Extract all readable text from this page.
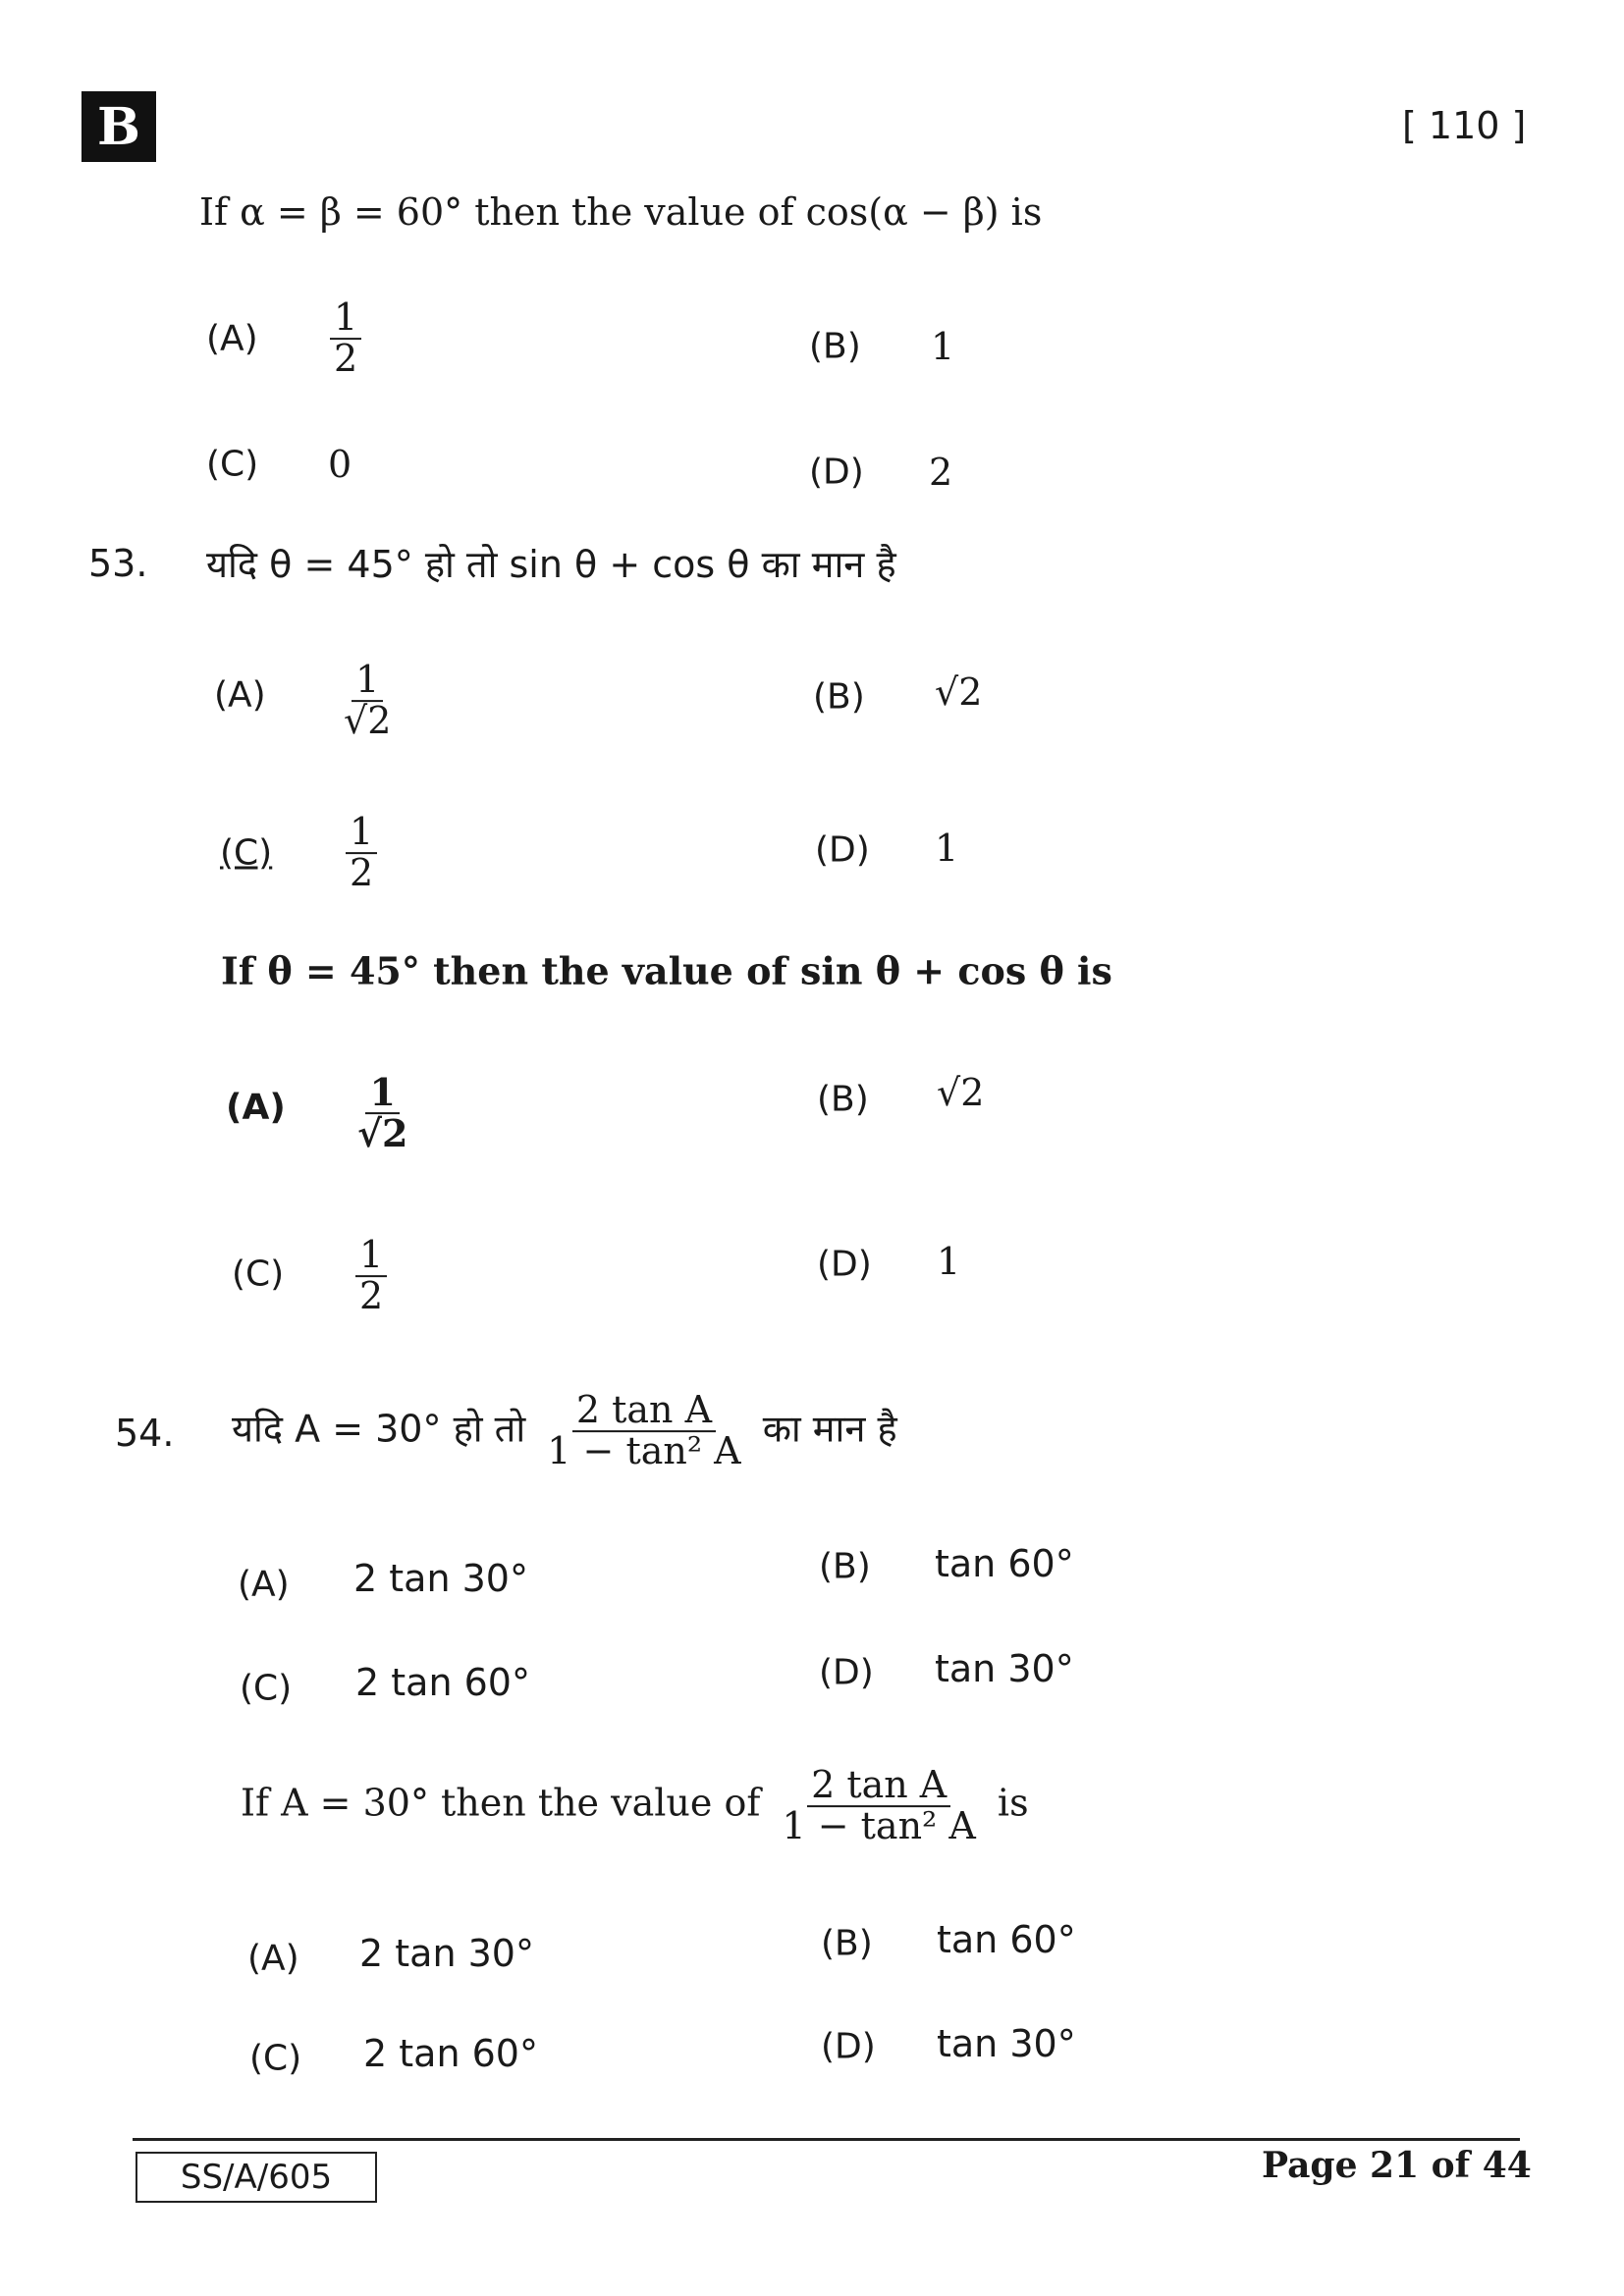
B	[ 110 ]
If α = β = 60° then the value of cos(α − β) is
$(A) \frac{1}{2}$	(B) 1
(C) 0	(D) 2
53. यदि θ = 45° हो तो sin θ + cos θ का मान है
$(A) \frac{1}{√2}$	(B) √2
$(C) \frac{1}{2}$	(D) 1
If θ = 45° then the value of sin θ + cos θ is
$(A) \frac{1}{√2}$	(B) √2
$(C) \frac{1}{2}$	(D) 1
54. यदि A = 30° हो तो $\frac{\text{2 tan A}}{\text{1 − tan² A}}$ का मान है
(A) 2 tan 30°	(B) tan 60°
(C) 2 tan 60°	(D) tan 30°
If A = 30° then the value of $\frac{\text{2 tan A}}{\text{1 − tan² A}}$ is
(A) 2 tan 30°	(B) tan 60°
(C) 2 tan 60°	(D) tan 30°
SS/A/605	Page 21 of 44
